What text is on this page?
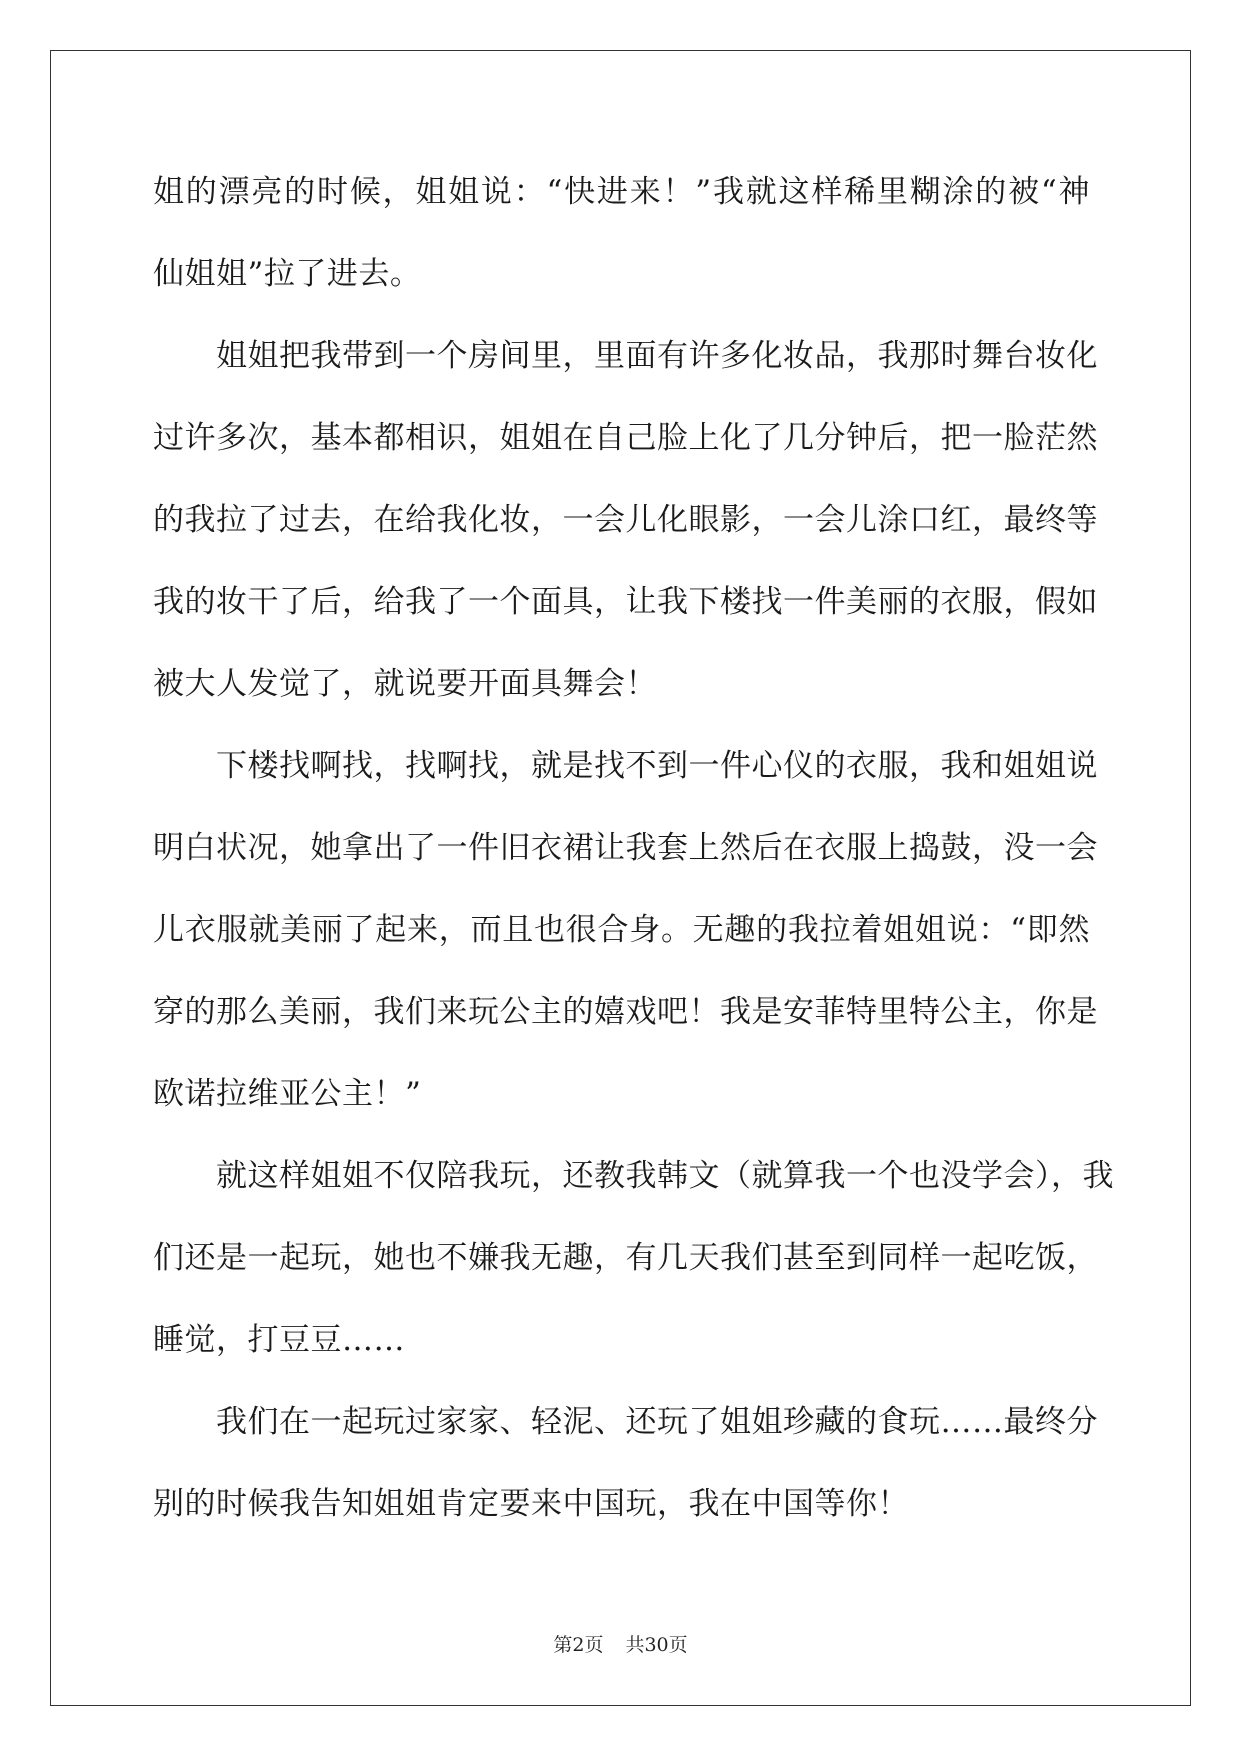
姐的漂亮的时候，姐姐说：“快进来！”我就这样稀里糊涂的被“神
仙姐姐”拉了进去。
姐姐把我带到一个房间里，里面有许多化妆品，我那时舞台妆化
过许多次，基本都相识，姐姐在自己脸上化了几分钟后，把一脸茫然
的我拉了过去，在给我化妆，一会儿化眼影，一会儿涂口红，最终等
我的妆干了后，给我了一个面具，让我下楼找一件美丽的衣服，假如
被大人发觉了，就说要开面具舞会！
下楼找啊找，找啊找，就是找不到一件心仪的衣服，我和姐姐说
明白状况，她拿出了一件旧衣裙让我套上然后在衣服上捣鼓，没一会
儿衣服就美丽了起来，而且也很合身。无趣的我拉着姐姐说：“即然
穿的那么美丽，我们来玩公主的嬉戏吧！我是安菲特里特公主，你是
欧诺拉维亚公主！”
就这样姐姐不仅陪我玩，还教我韩文（就算我一个也没学会），我
们还是一起玩，她也不嫌我无趣，有几天我们甚至到同样一起吃饭，
睡觉，打豆豆……
我们在一起玩过家家、轻泥、还玩了姐姐珍藏的食玩……最终分
别的时候我告知姐姐肯定要来中国玩，我在中国等你！
第2页 共30页
